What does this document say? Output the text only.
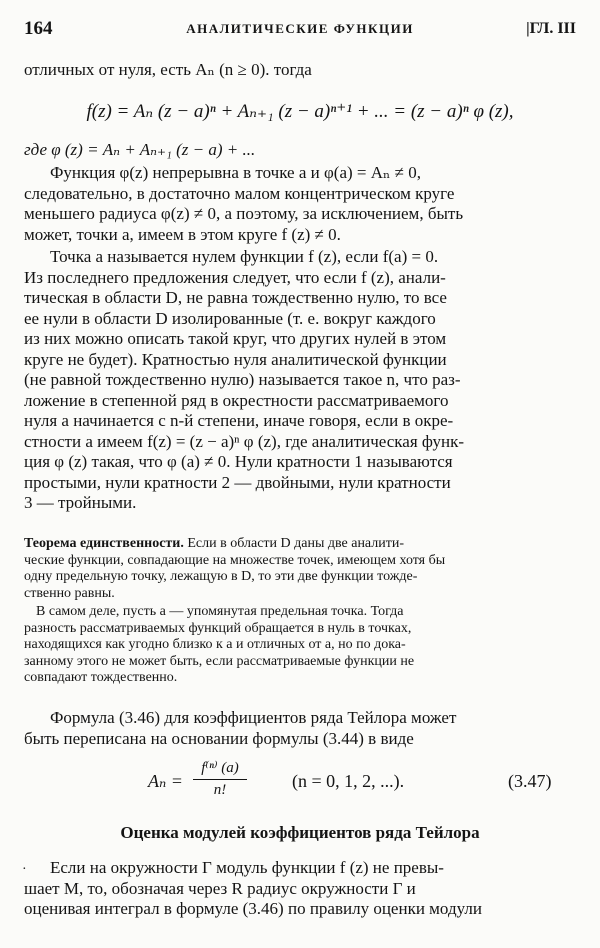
164	АНАЛИТИЧЕСКИЕ ФУНКЦИИ	|ГЛ. III
отличных от нуля, есть Aₙ (n ≥ 0). тогда
f(z) = Aₙ (z − a)ⁿ + Aₙ₊₁ (z − a)ⁿ⁺¹ + ... = (z − a)ⁿ φ (z),
где φ (z) = Aₙ + Aₙ₊₁ (z − a) + ...
Функция φ(z) непрерывна в точке a и φ(a) = Aₙ ≠ 0,
следовательно, в достаточно малом концентрическом круге
меньшего радиуса φ(z) ≠ 0, а поэтому, за исключением, быть
может, точки a, имеем в этом круге f (z) ≠ 0.
Точка a называется нулем функции f (z), если f(a) = 0.
Из последнего предложения следует, что если f (z), анали-
тическая в области D, не равна тождественно нулю, то все
ее нули в области D изолированные (т. е. вокруг каждого
из них можно описать такой круг, что других нулей в этом
круге не будет). Кратностью нуля аналитической функции
(не равной тождественно нулю) называется такое n, что раз-
ложение в степенной ряд в окрестности рассматриваемого
нуля a начинается с n-й степени, иначе говоря, если в окре-
стности a имеем f(z) = (z − a)ⁿ φ (z), где аналитическая функ-
ция φ (z) такая, что φ (a) ≠ 0. Нули кратности 1 называются
простыми, нули кратности 2 — двойными, нули кратности
3 — тройными.
Теорема единственности. Если в области D даны две аналити-
ческие функции, совпадающие на множестве точек, имеющем хотя бы
одну предельную точку, лежащую в D, то эти две функции тожде-
ственно равны.
В самом деле, пусть a — упомянутая предельная точка. Тогда
разность рассматриваемых функций обращается в нуль в точках,
находящихся как угодно близко к a и отличных от a, но по дока-
занному этого не может быть, если рассматриваемые функции не
совпадают тождественно.
Формула (3.46) для коэффициентов ряда Тейлора может
быть переписана на основании формулы (3.44) в виде
$A_n = \frac{\text{f⁽ⁿ⁾ (a)}}{n!}$	(n = 0, 1, 2, ...).	(3.47)
Оценка модулей коэффициентов ряда Тейлора
·	Если на окружности Γ модуль функции f (z) не превы-
шает M, то, обозначая через R радиус окружности Γ и
оценивая интеграл в формуле (3.46) по правилу оценки модули
